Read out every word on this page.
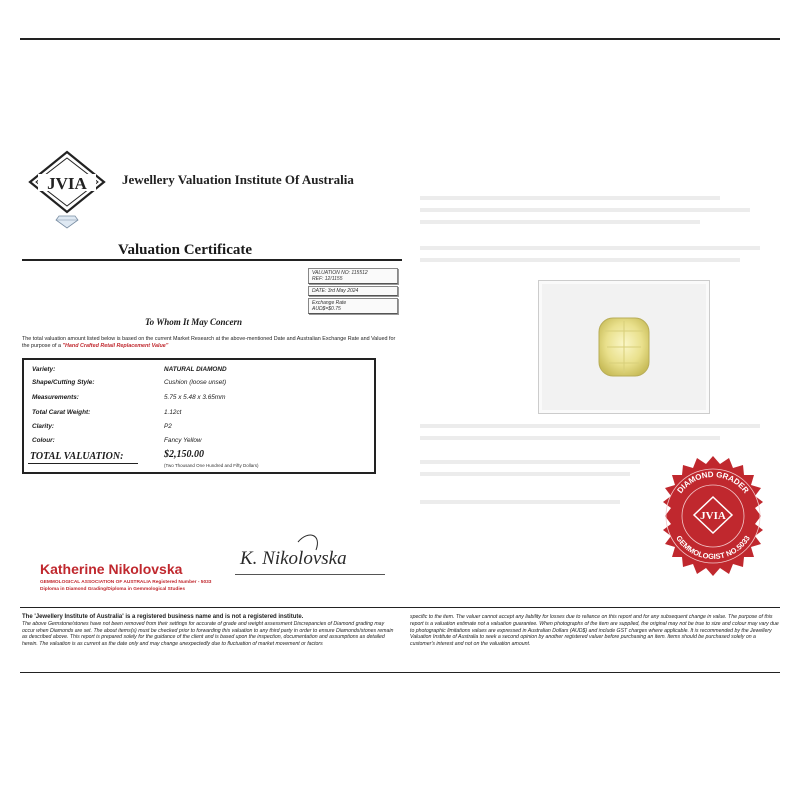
JVIA	Jewellery Valuation Institute Of Australia
Valuation Certificate
VALUATION NO: 115512
REF: 12/1155
DATE: 3rd May 2024
Exchange Rate
AUD$=$0.75
To Whom It May Concern
The total valuation amount listed below is based on the current Market Research at the above-mentioned Date and Australian Exchange Rate and Valued for the purpose of a "Hand Crafted Retail Replacement Value"
Variety:	NATURAL DIAMOND
Shape/Cutting Style:	Cushion (loose unset)
Measurements:	5.75 x 5.48 x 3.65mm
Total Carat Weight:	1.12ct
Clarity:	P2
Colour:	Fancy Yellow
TOTAL VALUATION:	$2,150.00
(Two Thousand One Hundred and Fifty Dollars)
K. Nikolovska
Katherine Nikolovska
GEMMOLOGICAL ASSOCIATION OF AUSTRALIA Registered Number - 5033
Diploma in Diamond Grading/Diploma in Gemmological Studies
DIAMOND GRADER
GEMMOLOGIST NO.5033
JVIA
The 'Jewellery Institute of Australia' is a registered business name and is not a registered institute.
The above Gemstone/stones have not been removed from their settings for accurate of grade and weight assessment Discrepancies of Diamond grading may occur when Diamonds are set. The about items(s) must be checked prior to forwarding this valuation to any third party in order to ensure Diamonds/stones remain as described above. This report is prepared solely for the guidance of the client and is based upon the inspection, documentation and assumptions as detailed herein. The valuation is as current as the date only and may change unexpectedly due to fluctuation of market movement or factors
specific to the item. The valuer cannot accept any liability for losses due to reliance on this report and for any subsequent change in value. The purpose of this report is a valuation estimate not a valuation guarantee. When photographs of the item are supplied, the original may not be true to size and colour may vary due to photographic limitations values are expressed in Australian Dollars (AUD$) and include GST charges where applicable. It is recommended by the Jewellery Valuation Institute of Australia to seek a second opinion by another registered valuer before purchasing an item. Items should be purchased solely on a customer's interest and not on the valuation amount.
